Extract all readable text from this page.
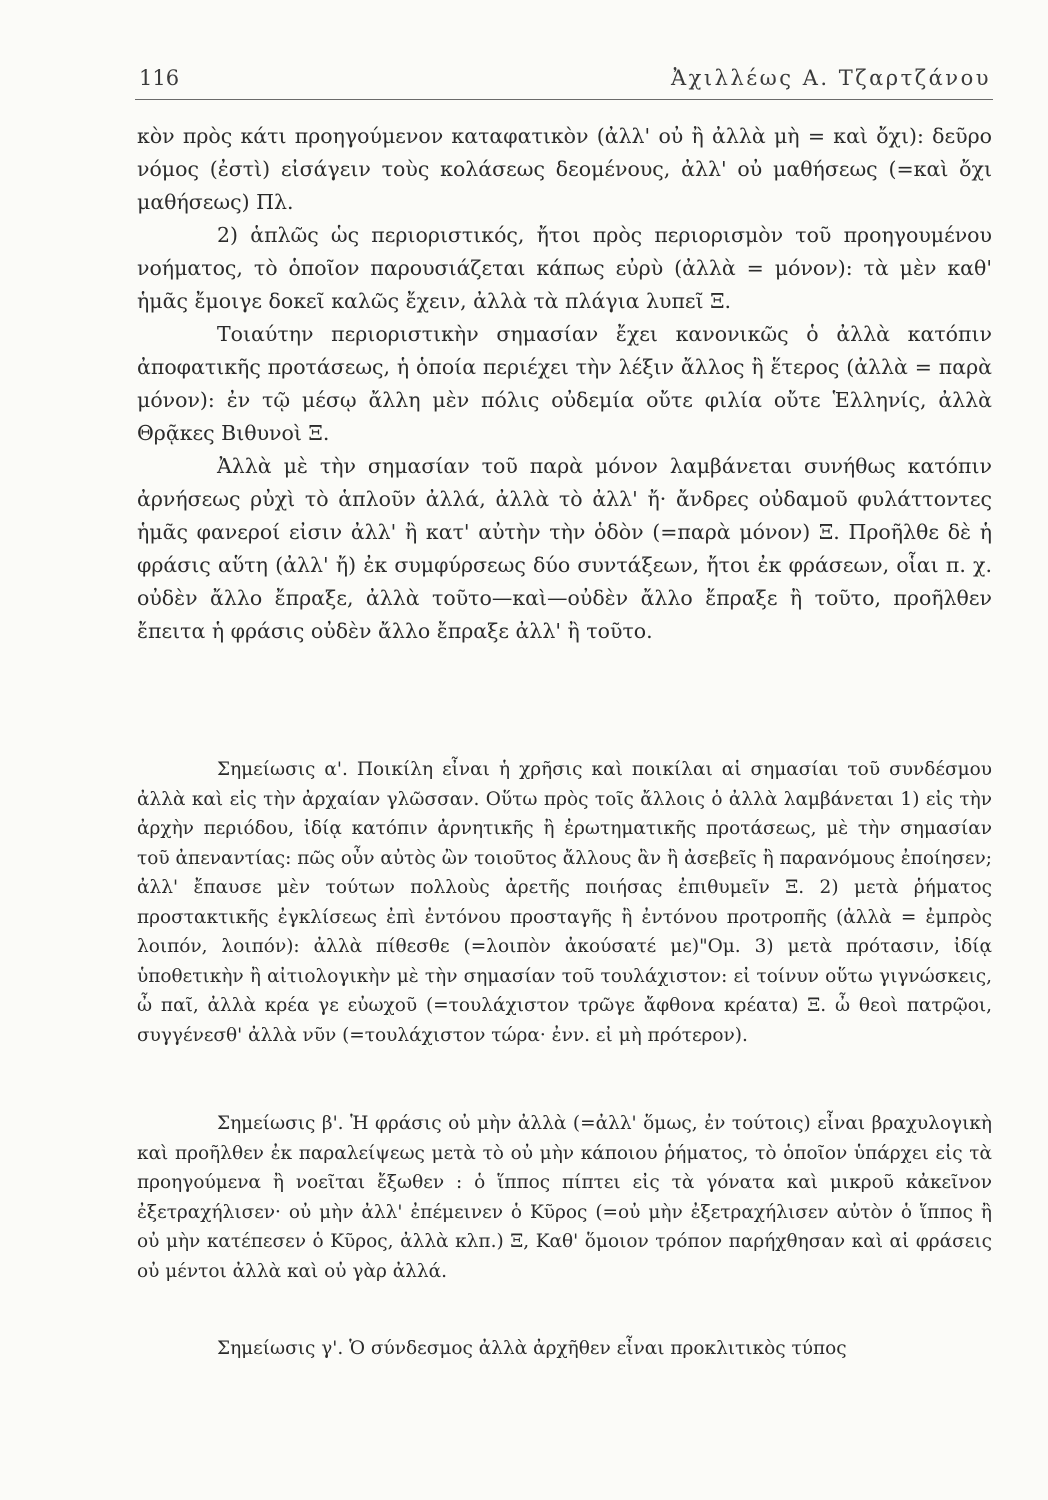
116	Ἀχιλλέως Α. Τζαρτζάνου

κὸν πρὸς κάτι προηγούμενον καταφατικὸν (ἀλλ' οὐ ἢ ἀλλὰ μὴ = καὶ ὄχι): δεῦρο νόμος (ἐστὶ) εἰσάγειν τοὺς κολάσεως δεομένους, ἀλλ' οὐ μαθήσεως (=καὶ ὄχι μαθήσεως) Πλ.

2) ἁπλῶς ὡς περιοριστικός, ἤτοι πρὸς περιορισμὸν τοῦ προηγουμένου νοήματος, τὸ ὁποῖον παρουσιάζεται κάπως εὐρὺ (ἀλλὰ = μόνον): τὰ μὲν καθ' ἡμᾶς ἔμοιγε δοκεῖ καλῶς ἔχειν, ἀλλὰ τὰ πλάγια λυπεῖ Ξ.

Τοιαύτην περιοριστικὴν σημασίαν ἔχει κανονικῶς ὁ ἀλλὰ κατόπιν ἀποφατικῆς προτάσεως, ἡ ὁποία περιέχει τὴν λέξιν ἄλλος ἢ ἕτερος (ἀλλὰ = παρὰ μόνον): ἐν τῷ μέσῳ ἄλλη μὲν πόλις οὐδεμία οὔτε φιλία οὔτε Ἑλληνίς, ἀλλὰ Θρᾷκες Βιθυνοὶ Ξ.

Ἀλλὰ μὲ τὴν σημασίαν τοῦ παρὰ μόνον λαμβάνεται συνήθως κατόπιν ἀρνήσεως ρὐχὶ τὸ ἁπλοῦν ἀλλά, ἀλλὰ τὸ ἀλλ' ἤ· ἄνδρες οὐδαμοῦ φυλάττοντες ἡμᾶς φανεροί εἰσιν ἀλλ' ἢ κατ' αὐτὴν τὴν ὁδὸν (=παρὰ μόνον) Ξ. Προῆλθε δὲ ἡ φράσις αὕτη (ἀλλ' ἤ) ἐκ συμφύρσεως δύο συντάξεων, ἤτοι ἐκ φράσεων, οἷαι π. χ. οὐδὲν ἄλλο ἔπραξε, ἀλλὰ τοῦτο—καὶ—οὐδὲν ἄλλο ἔπραξε ἢ τοῦτο, προῆλθεν ἔπειτα ἡ φράσις οὐδὲν ἄλλο ἔπραξε ἀλλ' ἢ τοῦτο.

Σημείωσις α'. Ποικίλη εἶναι ἡ χρῆσις καὶ ποικίλαι αἱ σημασίαι τοῦ συνδέσμου ἀλλὰ καὶ εἰς τὴν ἀρχαίαν γλῶσσαν. Οὕτω πρὸς τοῖς ἄλλοις ὁ ἀλλὰ λαμβάνεται 1) εἰς τὴν ἀρχὴν περιόδου, ἰδίᾳ κατόπιν ἀρνητικῆς ἢ ἐρωτηματικῆς προτάσεως, μὲ τὴν σημασίαν τοῦ ἀπεναντίας: πῶς οὖν αὐτὸς ὢν τοιοῦτος ἄλλους ἂν ἢ ἀσεβεῖς ἢ παρανόμους ἐποίησεν; ἀλλ' ἔπαυσε μὲν τούτων πολλοὺς ἀρετῆς ποιήσας ἐπιθυμεῖν Ξ. 2) μετὰ ῥήματος προστακτικῆς ἐγκλίσεως ἐπὶ ἐντόνου προσταγῆς ἢ ἐντόνου προτροπῆς (ἀλλὰ = ἐμπρὸς λοιπόν, λοιπόν): ἀλλὰ πίθεσθε (=λοιπὸν ἀκούσατέ με)"Ομ. 3) μετὰ πρότασιν, ἰδίᾳ ὑποθετικὴν ἢ αἰτιολογικὴν μὲ τὴν σημασίαν τοῦ τουλάχιστον: εἰ τοίνυν οὕτω γιγνώσκεις, ὦ παῖ, ἀλλὰ κρέα γε εὐωχοῦ (=τουλάχιστον τρῶγε ἄφθονα κρέατα) Ξ. ὦ θεοὶ πατρῷοι, συγγένεσθ' ἀλλὰ νῦν (=τουλάχιστον τώρα· ἐνν. εἰ μὴ πρότερον).

Σημείωσις β'. Ἡ φράσις οὐ μὴν ἀλλὰ (=ἀλλ' ὅμως, ἐν τούτοις) εἶναι βραχυλογικὴ καὶ προῆλθεν ἐκ παραλείψεως μετὰ τὸ οὐ μὴν κάποιου ῥήματος, τὸ ὁποῖον ὑπάρχει εἰς τὰ προηγούμενα ἢ νοεῖται ἔξωθεν : ὁ ἵππος πίπτει εἰς τὰ γόνατα καὶ μικροῦ κἀκεῖνον ἐξετραχήλισεν· οὐ μὴν ἀλλ' ἐπέμεινεν ὁ Κῦρος (=οὐ μὴν ἐξετραχήλισεν αὐτὸν ὁ ἵππος ἢ οὐ μὴν κατέπεσεν ὁ Κῦρος, ἀλλὰ κλπ.) Ξ, Καθ' ὅμοιον τρόπον παρήχθησαν καὶ αἱ φράσεις οὐ μέντοι ἀλλὰ καὶ οὐ γὰρ ἀλλά.

Σημείωσις γ'. Ὁ σύνδεσμος ἀλλὰ ἀρχῆθεν εἶναι προκλιτικὸς τύπος
